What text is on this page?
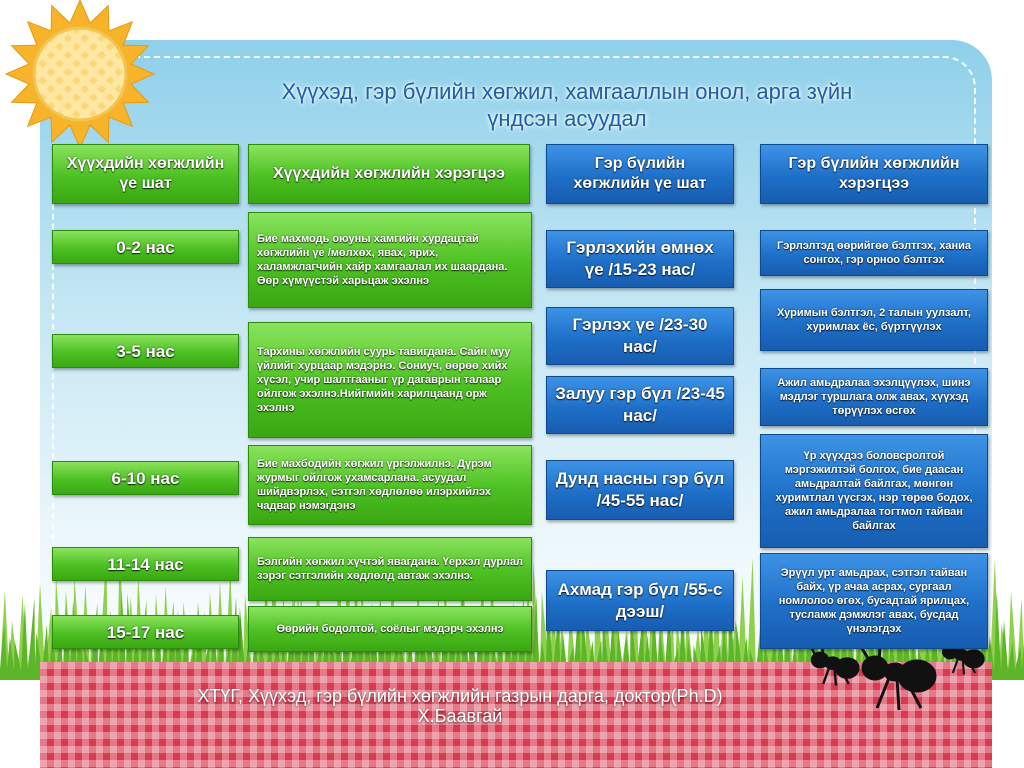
Хүүхэд, гэр бүлийн хөгжил, хамгааллын онол, арга зүйн
үндсэн асуудал
Хүүхдийн хөгжлийн үе шат
Хүүхдийн хөгжлийн хэрэгцээ
Гэр бүлийн хөгжлийн үе шат
Гэр бүлийн хөгжлийн хэрэгцээ
0-2 нас
3-5 нас
6-10 нас
11-14 нас
15-17 нас
Бие махмодь оюуны хамгийн хурдацтай хөгжлийн үе /мөлхөх, явах, ярих, халамжлагчийн хайр хамгаалал их шаардана. Өөр хүмүүстэй харьцаж эхэлнэ
Тархины хөгжлийн суурь тавигдана. Сайн муу үйлийг хурцаар мэдэрнэ. Сониуч, өөрөө хийх хүсэл, учир шалтгааныг үр дагаврын талаар ойлгож эхэлнэ.Нийгмийн харилцаанд орж эхэлнэ
Бие махбодийн хөгжил үргэлжилнэ. Дүрэм журмыг ойлгож ухамсарлана. асуудал шийдвэрлэх, сэтгэл хөдлөлөө илэрхийлэх чадвар нэмэгдэнэ
Бэлгийн хөгжил хүчтэй явагдана. Үерхэл дурлал зэрэг сэтгэлийн хөдлөлд автаж эхэлнэ.
Өөрийн бодолтой, соёлыг мэдэрч эхэлнэ
Гэрлэхийн өмнөх үе /15-23 нас/
Гэрлэх үе /23-30 нас/
Залуу гэр бүл /23-45 нас/
Дунд насны гэр бүл /45-55 нас/
Ахмад гэр бүл /55-с дээш/
Гэрлэлтэд өөрийгөө бэлтгэх, ханиа сонгох, гэр орноо бэлтгэх
Хуримын бэлтгэл, 2 талын уулзалт, хуримлах ёс, бүртгүүлэх
Ажил амьдралаа эхэлцүүлэх, шинэ мэдлэг туршлага олж авах, хүүхэд төрүүлэх өсгөх
Үр хүүхдээ боловсролтой мэргэжилтэй болгох, бие даасан амьдралтай байлгах, мөнгөн хуримтлал үүсгэх, нэр төрөө бодох, ажил амьдралаа тогтмол тайван байлгах
Эрүүл урт амьдрах, сэтгэл тайван байх, үр ачаа асрах, сургаал номлолоо өгөх, бусадтай ярилцах, тусламж дэмжлэг авах, бусдад үнэлэгдэх
ХТҮГ, Хүүхэд, гэр бүлийн хөгжлийн газрын дарга, доктор(Ph.D)
Х.Баавгай
